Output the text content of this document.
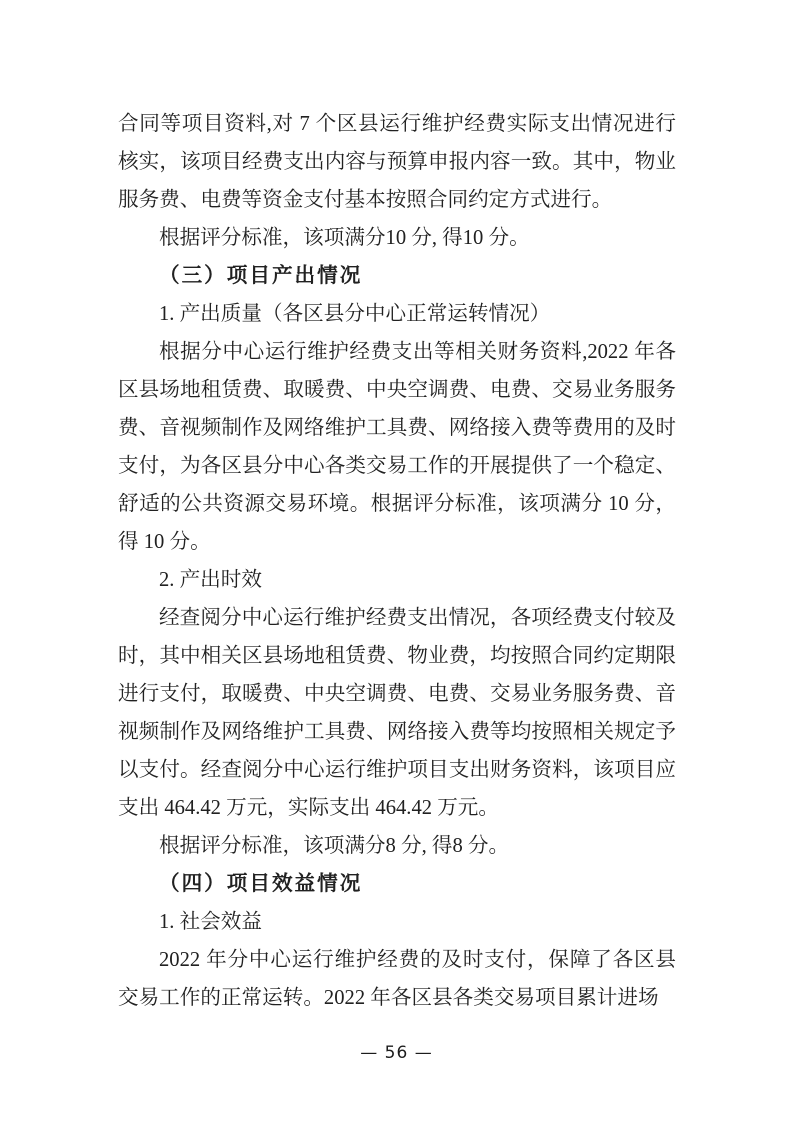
合同等项目资料,对 7 个区县运行维护经费实际支出情况进行核实，该项目经费支出内容与预算申报内容一致。其中，物业服务费、电费等资金支付基本按照合同约定方式进行。

根据评分标准，该项满分10 分, 得10 分。

（三）项目产出情况

1. 产出质量（各区县分中心正常运转情况）

根据分中心运行维护经费支出等相关财务资料,2022 年各区县场地租赁费、取暖费、中央空调费、电费、交易业务服务费、音视频制作及网络维护工具费、网络接入费等费用的及时支付，为各区县分中心各类交易工作的开展提供了一个稳定、舒适的公共资源交易环境。根据评分标准，该项满分 10 分，得 10 分。

2. 产出时效

经查阅分中心运行维护经费支出情况，各项经费支付较及时，其中相关区县场地租赁费、物业费，均按照合同约定期限进行支付，取暖费、中央空调费、电费、交易业务服务费、音视频制作及网络维护工具费、网络接入费等均按照相关规定予以支付。经查阅分中心运行维护项目支出财务资料，该项目应支出 464.42 万元，实际支出 464.42 万元。

根据评分标准，该项满分8 分, 得8 分。

（四）项目效益情况

1. 社会效益

2022 年分中心运行维护经费的及时支付，保障了各区县交易工作的正常运转。2022 年各区县各类交易项目累计进场

— 56 —
